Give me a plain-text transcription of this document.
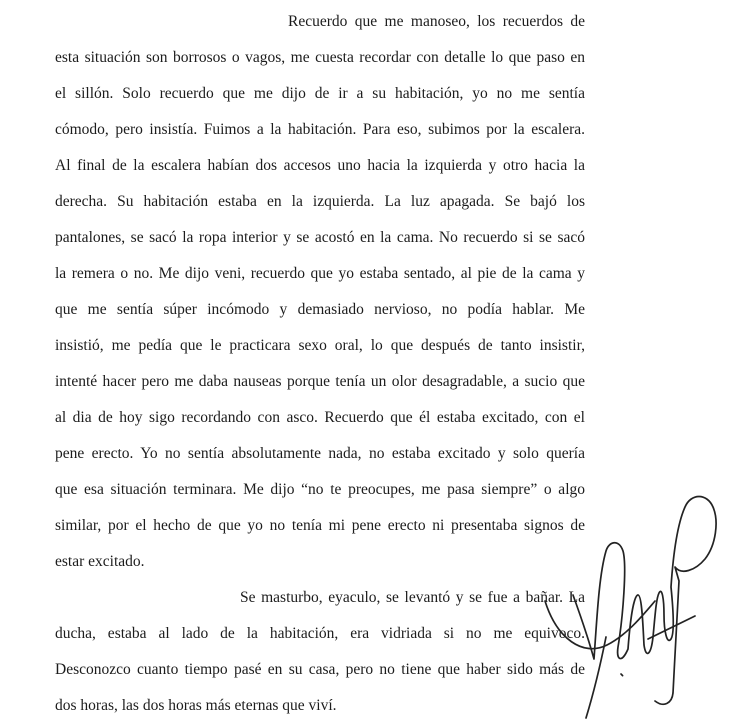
Recuerdo que me manoseo, los recuerdos de
esta situación son borrosos o vagos, me cuesta recordar con detalle lo que paso en
el sillón. Solo recuerdo que me dijo de ir a su habitación, yo no me sentía
cómodo, pero insistía. Fuimos a la habitación. Para eso, subimos por la escalera.
Al final de la escalera habían dos accesos uno hacia la izquierda y otro hacia la
derecha. Su habitación estaba en la izquierda. La luz apagada. Se bajó los
pantalones, se sacó la ropa interior y se acostó en la cama. No recuerdo si se sacó
la remera o no. Me dijo veni, recuerdo que yo estaba sentado, al pie de la cama y
que me sentía súper incómodo y demasiado nervioso, no podía hablar. Me
insistió, me pedía que le practicara sexo oral, lo que después de tanto insistir,
intenté hacer pero me daba nauseas porque tenía un olor desagradable, a sucio que
al dia de hoy sigo recordando con asco. Recuerdo que él estaba excitado, con el
pene erecto. Yo no sentía absolutamente nada, no estaba excitado y solo quería
que esa situación terminara. Me dijo “no te preocupes, me pasa siempre” o algo
similar, por el hecho de que yo no tenía mi pene erecto ni presentaba signos de
estar excitado.
Se masturbo, eyaculo, se levantó y se fue a bañar. La
ducha, estaba al lado de la habitación, era vidriada si no me equivoco.
Desconozco cuanto tiempo pasé en su casa, pero no tiene que haber sido más de
dos horas, las dos horas más eternas que viví.
